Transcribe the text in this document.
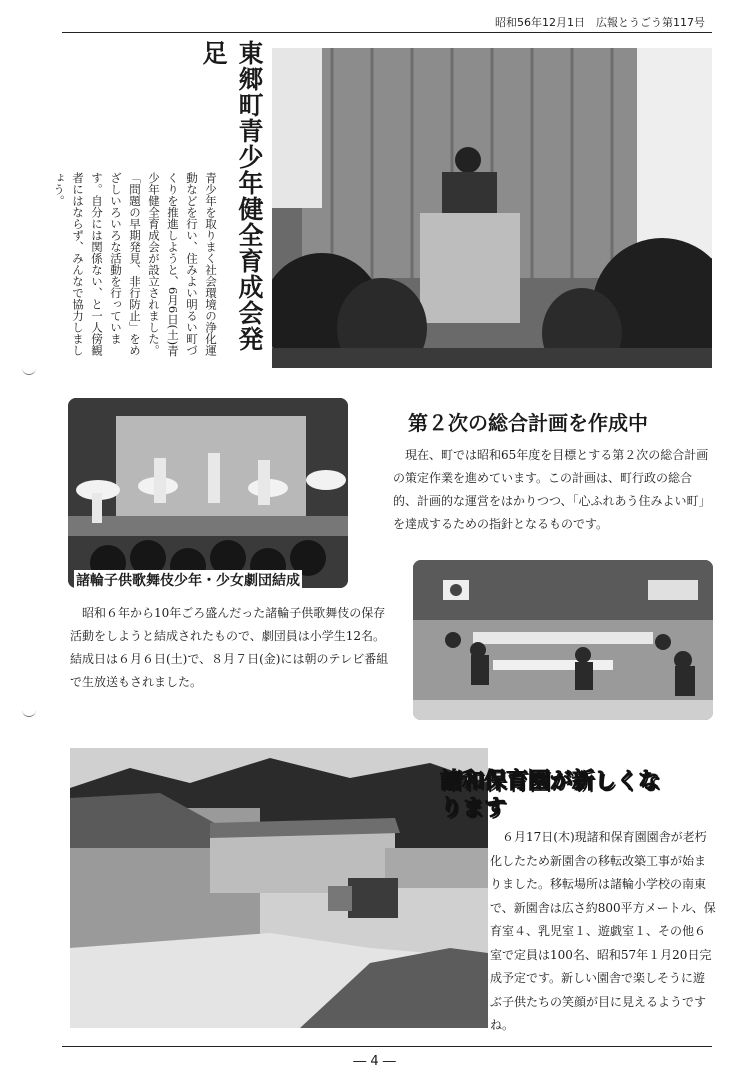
昭和56年12月1日　広報とうごう第117号
東郷町青少年健全育成会発足
青少年を取りまく社会環境の浄化運動などを行い、住みよい明るい町づくりを推進しようと、6月6日(土)青少年健全育成会が設立されました。「問題の早期発見、非行防止」をめざしいろいろな活動を行っています。自分には関係ない、と一人傍観者にはならず、みんなで協力しましょう。
諸輪子供歌舞伎少年・少女劇団結成
昭和６年から10年ごろ盛んだった諸輪子供歌舞伎の保存活動をしようと結成されたもので、劇団員は小学生12名。結成日は６月６日(土)で、８月７日(金)には朝のテレビ番組で生放送もされました。
第２次の総合計画を作成中
現在、町では昭和65年度を目標とする第２次の総合計画の策定作業を進めています。この計画は、町行政の総合的、計画的な運営をはかりつつ、「心ふれあう住みよい町」を達成するための指針となるものです。
諸和保育園が新しくなります
６月17日(木)現諸和保育園園舎が老朽化したため新園舎の移転改築工事が始まりました。移転場所は諸輪小学校の南東で、新園舎は広さ約800平方メートル、保育室４、乳児室１、遊戯室１、その他６室で定員は100名、昭和57年１月20日完成予定です。新しい園舎で楽しそうに遊ぶ子供たちの笑顔が目に見えるようですね。
― 4 ―
